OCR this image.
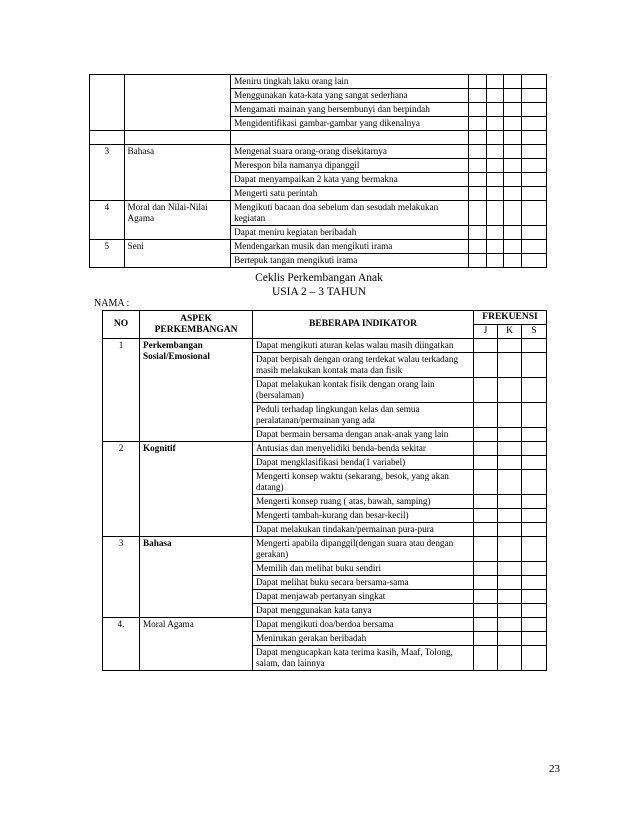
		Meniru tingkah laku orang lain				
		Menggunakan kata-kata yang sangat sederhana				
		Mengamati mainan yang bersembunyi dan berpindah				
		Mengidentifikasi gambar-gambar yang dikenalnya				

3	Bahasa	Mengenal suara orang-orang disekitarnya				
		Merespon bila namanya dipanggil				
		Dapat menyampaikan 2 kata yang bermakna				
		Mengerti satu perintah				
4	Moral dan Nilai-Nilai Agama	Mengikuti bacaan doa sebelum dan sesudah melakukan kegiatan				
		Dapat meniru kegiatan beribadah				
5	Seni	Mendengarkan musik dan mengikuti irama				
		Bertepuk tangan mengikuti irama				
Ceklis Perkembangan Anak
USIA 2 – 3 TAHUN
NAMA :
NO	ASPEK PERKEMBANGAN	BEBERAPA INDIKATOR	FREKUENSI		
			J	K	S
1	Perkembangan Sosial/Emosional	Dapat mengikuti aturan kelas walau masih diingatkan			
		Dapat berpisah dengan orang terdekat walau terkadang masih melakukan kontak mata dan fisik			
		Dapat melakukan kontak fisik dengan orang lain (bersalaman)			
		Peduli terhadap lingkungan kelas dan semua peralatanan/permainan yang ada			
		Dapat bermain bersama dengan anak-anak yang lain			
2	Kognitif	Antusias dan menyelidiki benda-benda sekitar			
		Dapat mengklasifikasi benda(1 variabel)			
		Mengerti konsep waktu (sekarang, besok, yang akan datang)			
		Mengerti konsep ruang ( atas, bawah, samping)			
		Mengerti tambah-kurang dan besar-kecil)			
		Dapat melakukan tindakan/permainan pura-pura			
3	Bahasa	Mengerti apabila dipanggil(dengan suara atau dengan gerakan)			
		Memilih dan melihat buku sendiri			
		Dapat melihat buku secara bersama-sama			
		Dapat menjawab pertanyan singkat			
		Dapat menggunakan kata tanya			
4.	Moral Agama	Dapat mengikuti doa/berdoa bersama			
		Menirukan gerakan beribadah			
		Dapat mengucapkan kata terima kasih, Maaf, Tolong, salam, dan lainnya			
23
